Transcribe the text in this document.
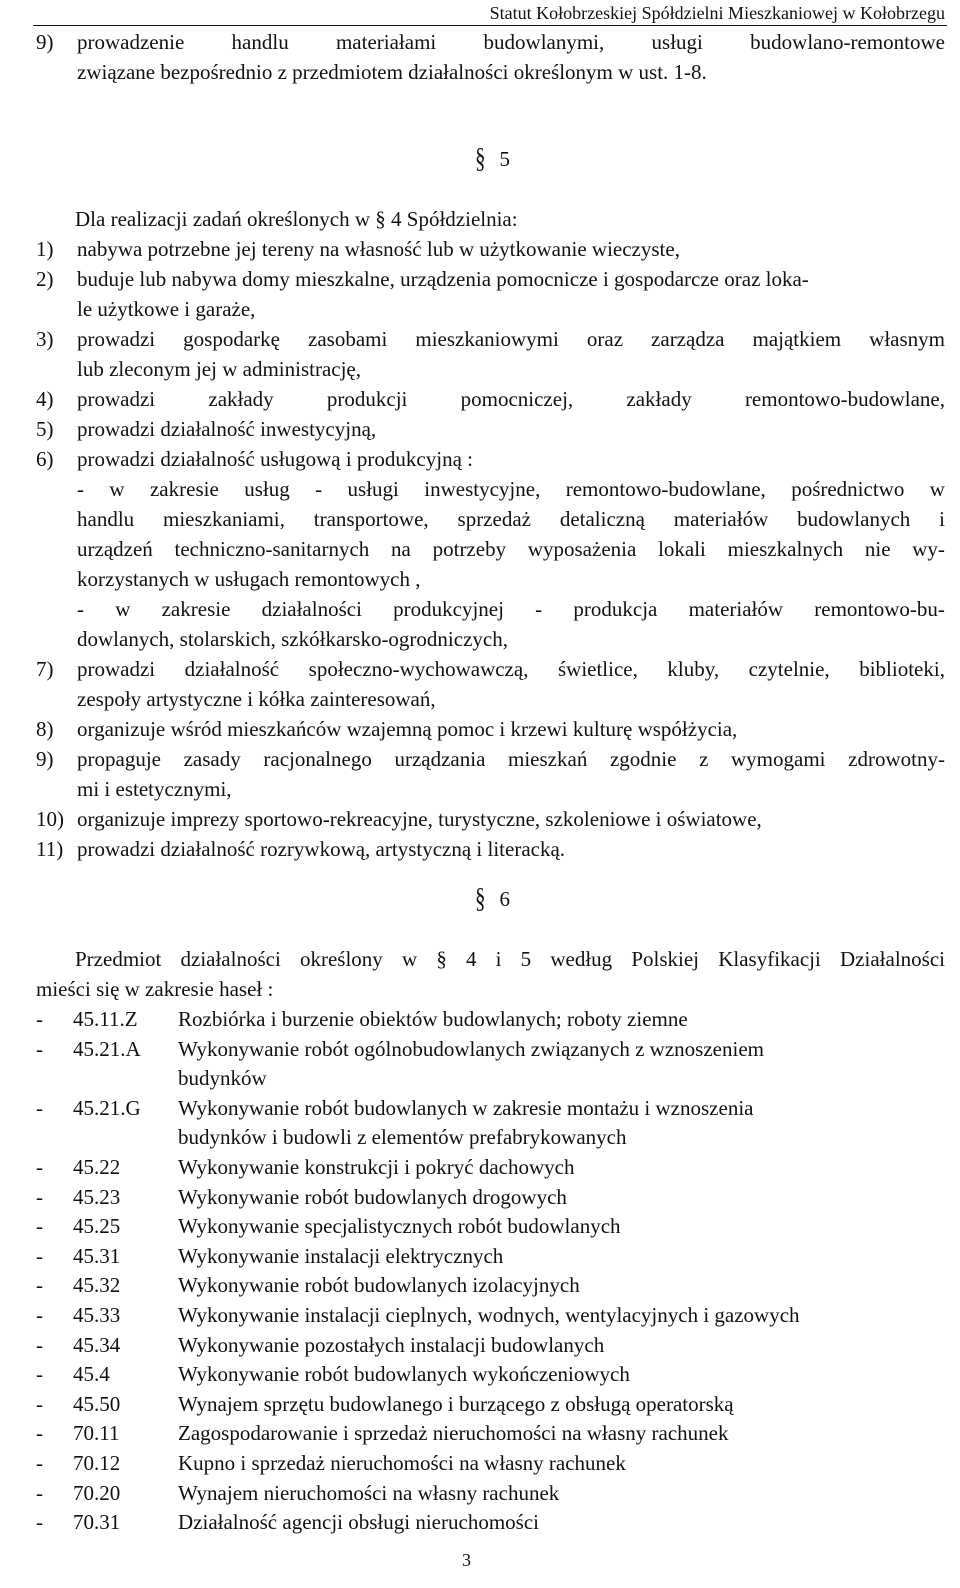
Statut Kołobrzeskiej Spółdzielni Mieszkaniowej w Kołobrzegu
9) prowadzenie handlu materiałami budowlanymi, usługi budowlano-remontowe
związane bezpośrednio z przedmiotem działalności określonym w ust. 1-8.
§ 5
Dla realizacji zadań określonych w § 4 Spółdzielnia:
1) nabywa potrzebne jej tereny na własność lub w użytkowanie wieczyste,
2) buduje lub nabywa domy mieszkalne, urządzenia pomocnicze i gospodarcze oraz loka-
le użytkowe i garaże,
3) prowadzi gospodarkę zasobami mieszkaniowymi oraz zarządza majątkiem własnym
lub zleconym jej w administrację,
4) prowadzi	zakłady	produkcji	pomocniczej,	zakłady	remontowo-budowlane,
5) prowadzi działalność inwestycyjną,
6) prowadzi działalność usługową i produkcyjną :
- w zakresie usług - usługi inwestycyjne, remontowo-budowlane, pośrednictwo w
handlu mieszkaniami, transportowe, sprzedaż detaliczną materiałów budowlanych i
urządzeń techniczno-sanitarnych na potrzeby wyposażenia lokali mieszkalnych nie wy-
korzystanych w usługach remontowych ,
- w zakresie działalności produkcyjnej - produkcja materiałów remontowo-bu-
dowlanych, stolarskich, szkółkarsko-ogrodniczych,
7) prowadzi działalność społeczno-wychowawczą, świetlice, kluby, czytelnie, biblioteki,
zespoły artystyczne i kółka zainteresowań,
8) organizuje wśród mieszkańców wzajemną pomoc i krzewi kulturę współżycia,
9) propaguje zasady racjonalnego urządzania mieszkań zgodnie z wymogami zdrowotny-
mi i estetycznymi,
10) organizuje imprezy sportowo-rekreacyjne, turystyczne, szkoleniowe i oświatowe,
11) prowadzi działalność rozrywkową, artystyczną i literacką.
§ 6
Przedmiot działalności określony w § 4 i 5 według Polskiej Klasyfikacji Działalności
mieści się w zakresie haseł :
- 45.11.Z Rozbiórka i burzenie obiektów budowlanych; roboty ziemne
- 45.21.A Wykonywanie robót ogólnobudowlanych związanych z wznoszeniem
budynków
- 45.21.G Wykonywanie robót budowlanych w zakresie montażu i wznoszenia
budynków i budowli z elementów prefabrykowanych
- 45.22	Wykonywanie konstrukcji i pokryć dachowych
- 45.23	Wykonywanie robót budowlanych drogowych
- 45.25	Wykonywanie specjalistycznych robót budowlanych
- 45.31	Wykonywanie instalacji elektrycznych
- 45.32	Wykonywanie robót budowlanych izolacyjnych
- 45.33	Wykonywanie instalacji cieplnych, wodnych, wentylacyjnych i gazowych
- 45.34	Wykonywanie pozostałych instalacji budowlanych
- 45.4	Wykonywanie robót budowlanych wykończeniowych
- 45.50	Wynajem sprzętu budowlanego i burzącego z obsługą operatorską
- 70.11	Zagospodarowanie i sprzedaż nieruchomości na własny rachunek
- 70.12	Kupno i sprzedaż nieruchomości na własny rachunek
- 70.20	Wynajem nieruchomości na własny rachunek
- 70.31	Działalność agencji obsługi nieruchomości
3
